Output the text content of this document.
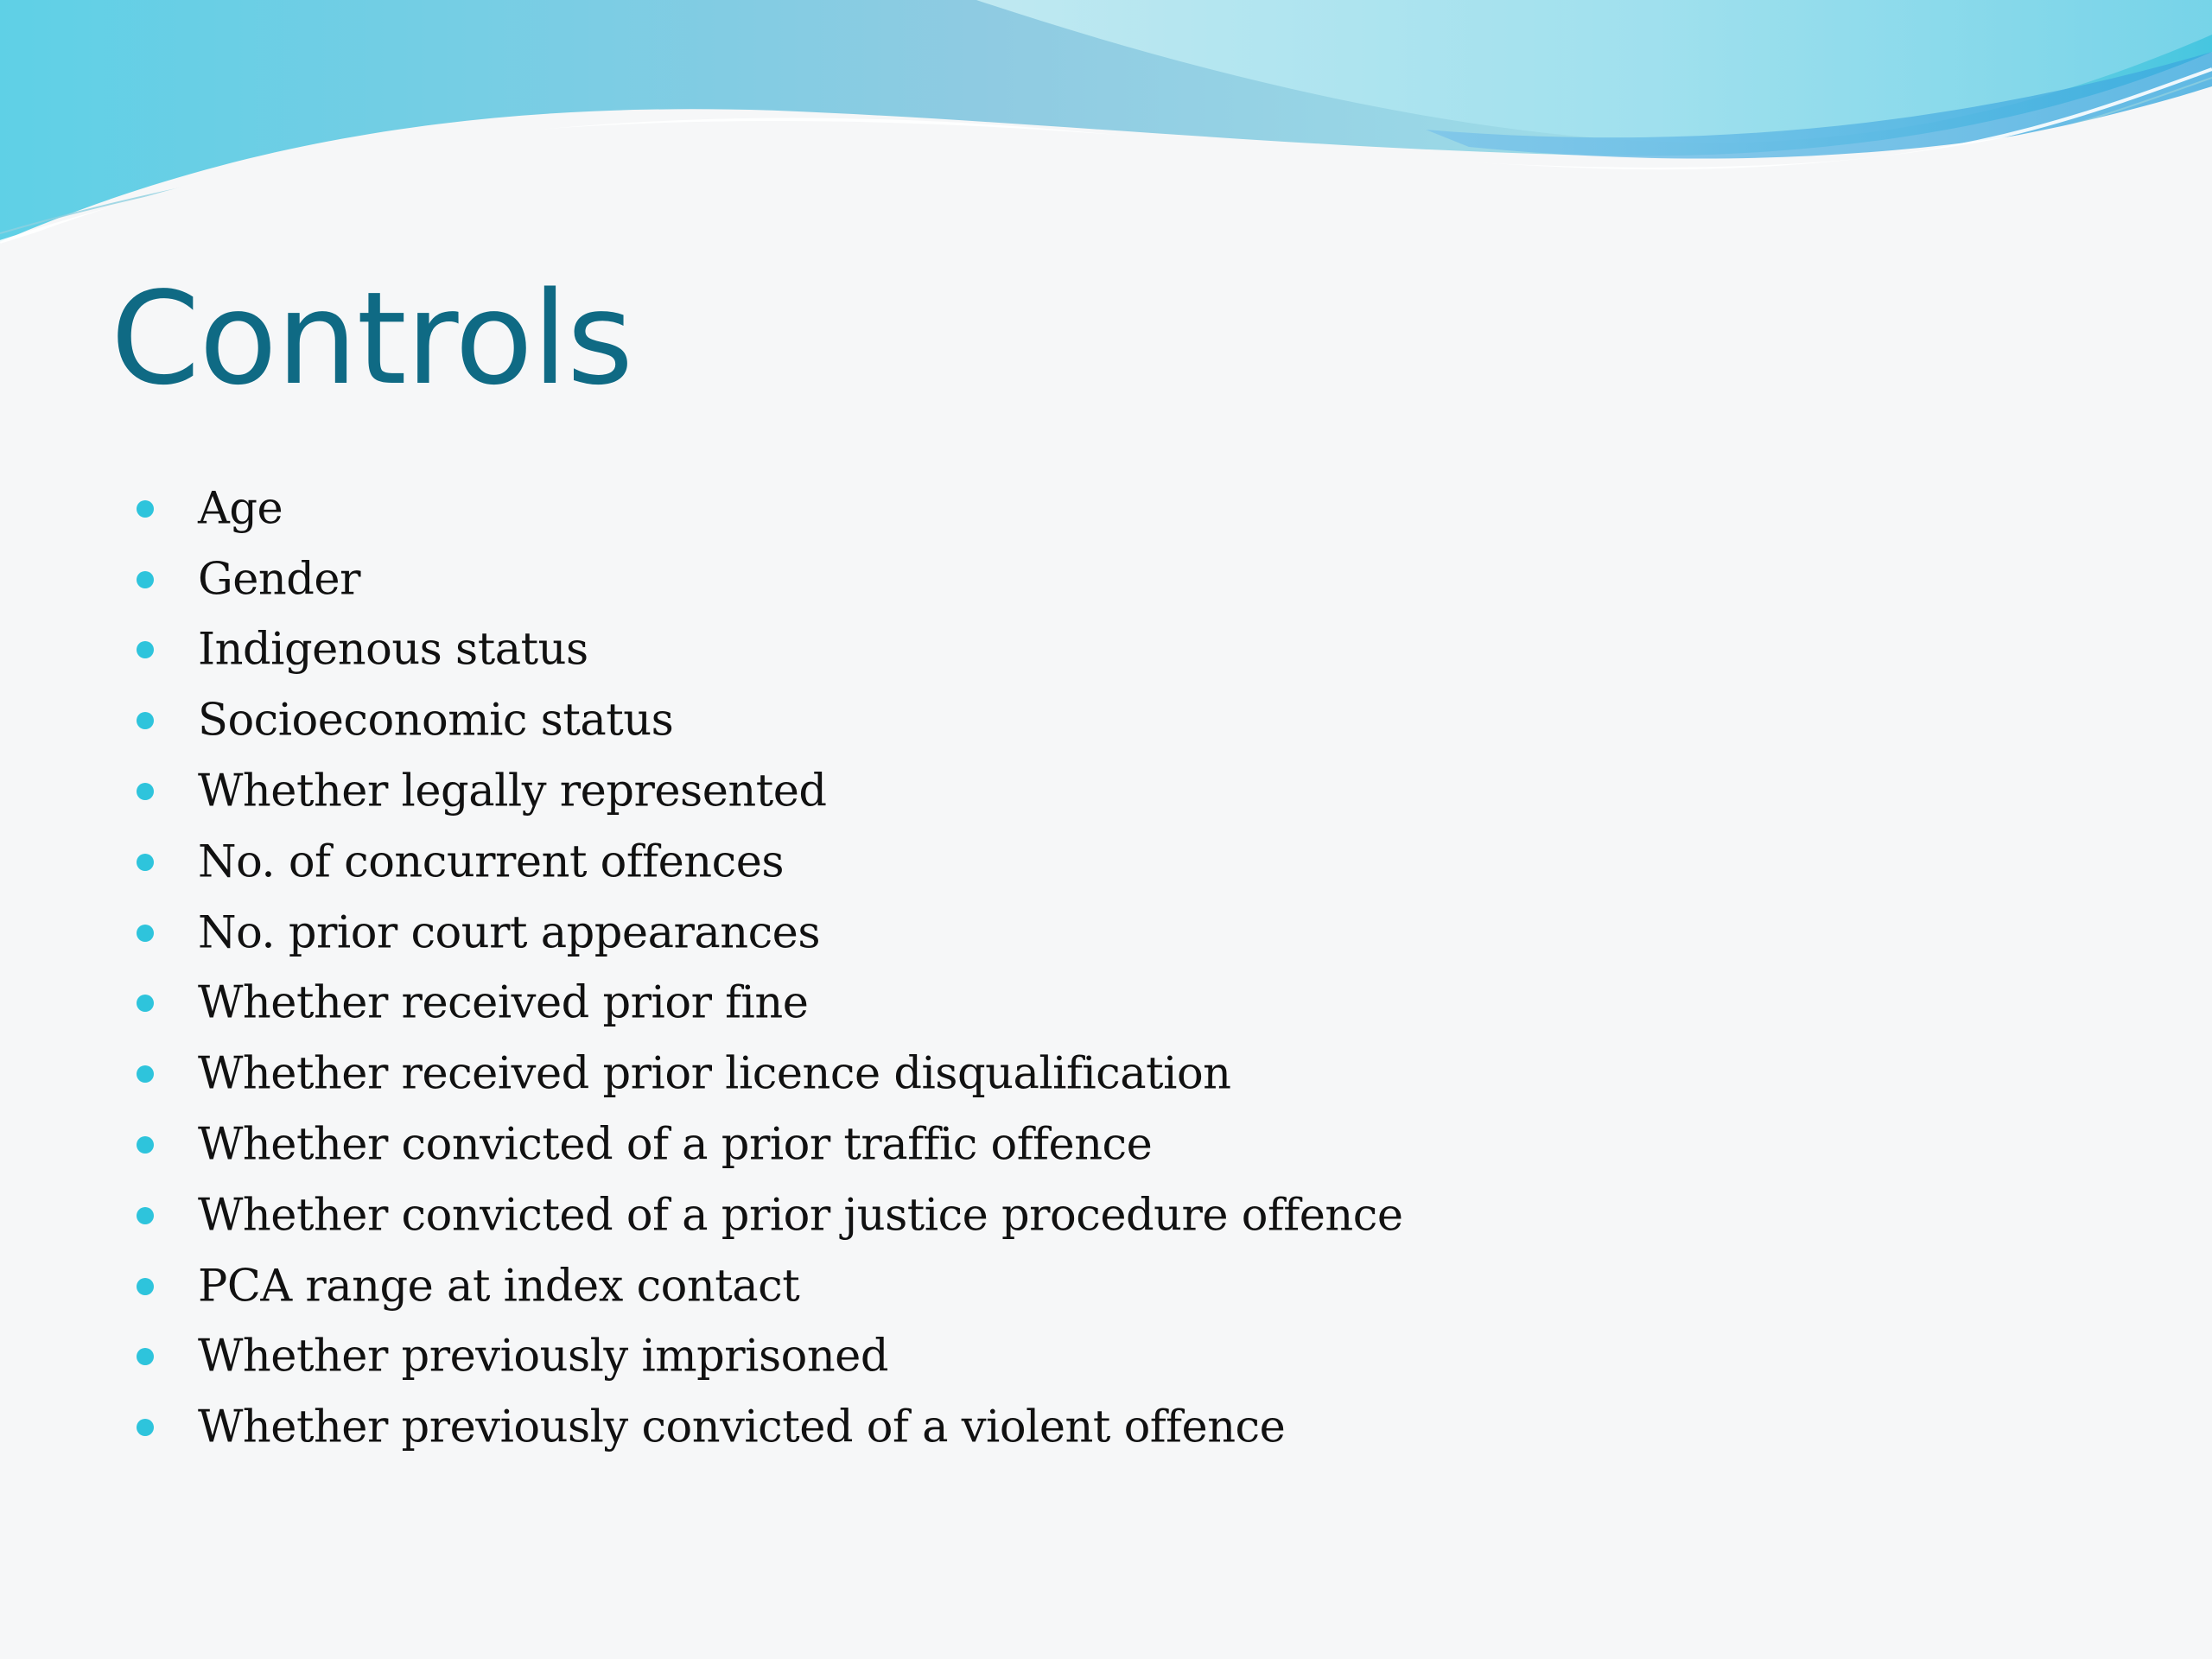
Controls
Age
Gender
Indigenous status
Socioeconomic status
Whether legally represented
No. of concurrent offences
No. prior court appearances
Whether received prior fine
Whether received prior licence disqualification
Whether convicted of a prior traffic offence
Whether convicted of a prior justice procedure offence
PCA range at index contact
Whether previously imprisoned
Whether previously convicted of a violent offence
